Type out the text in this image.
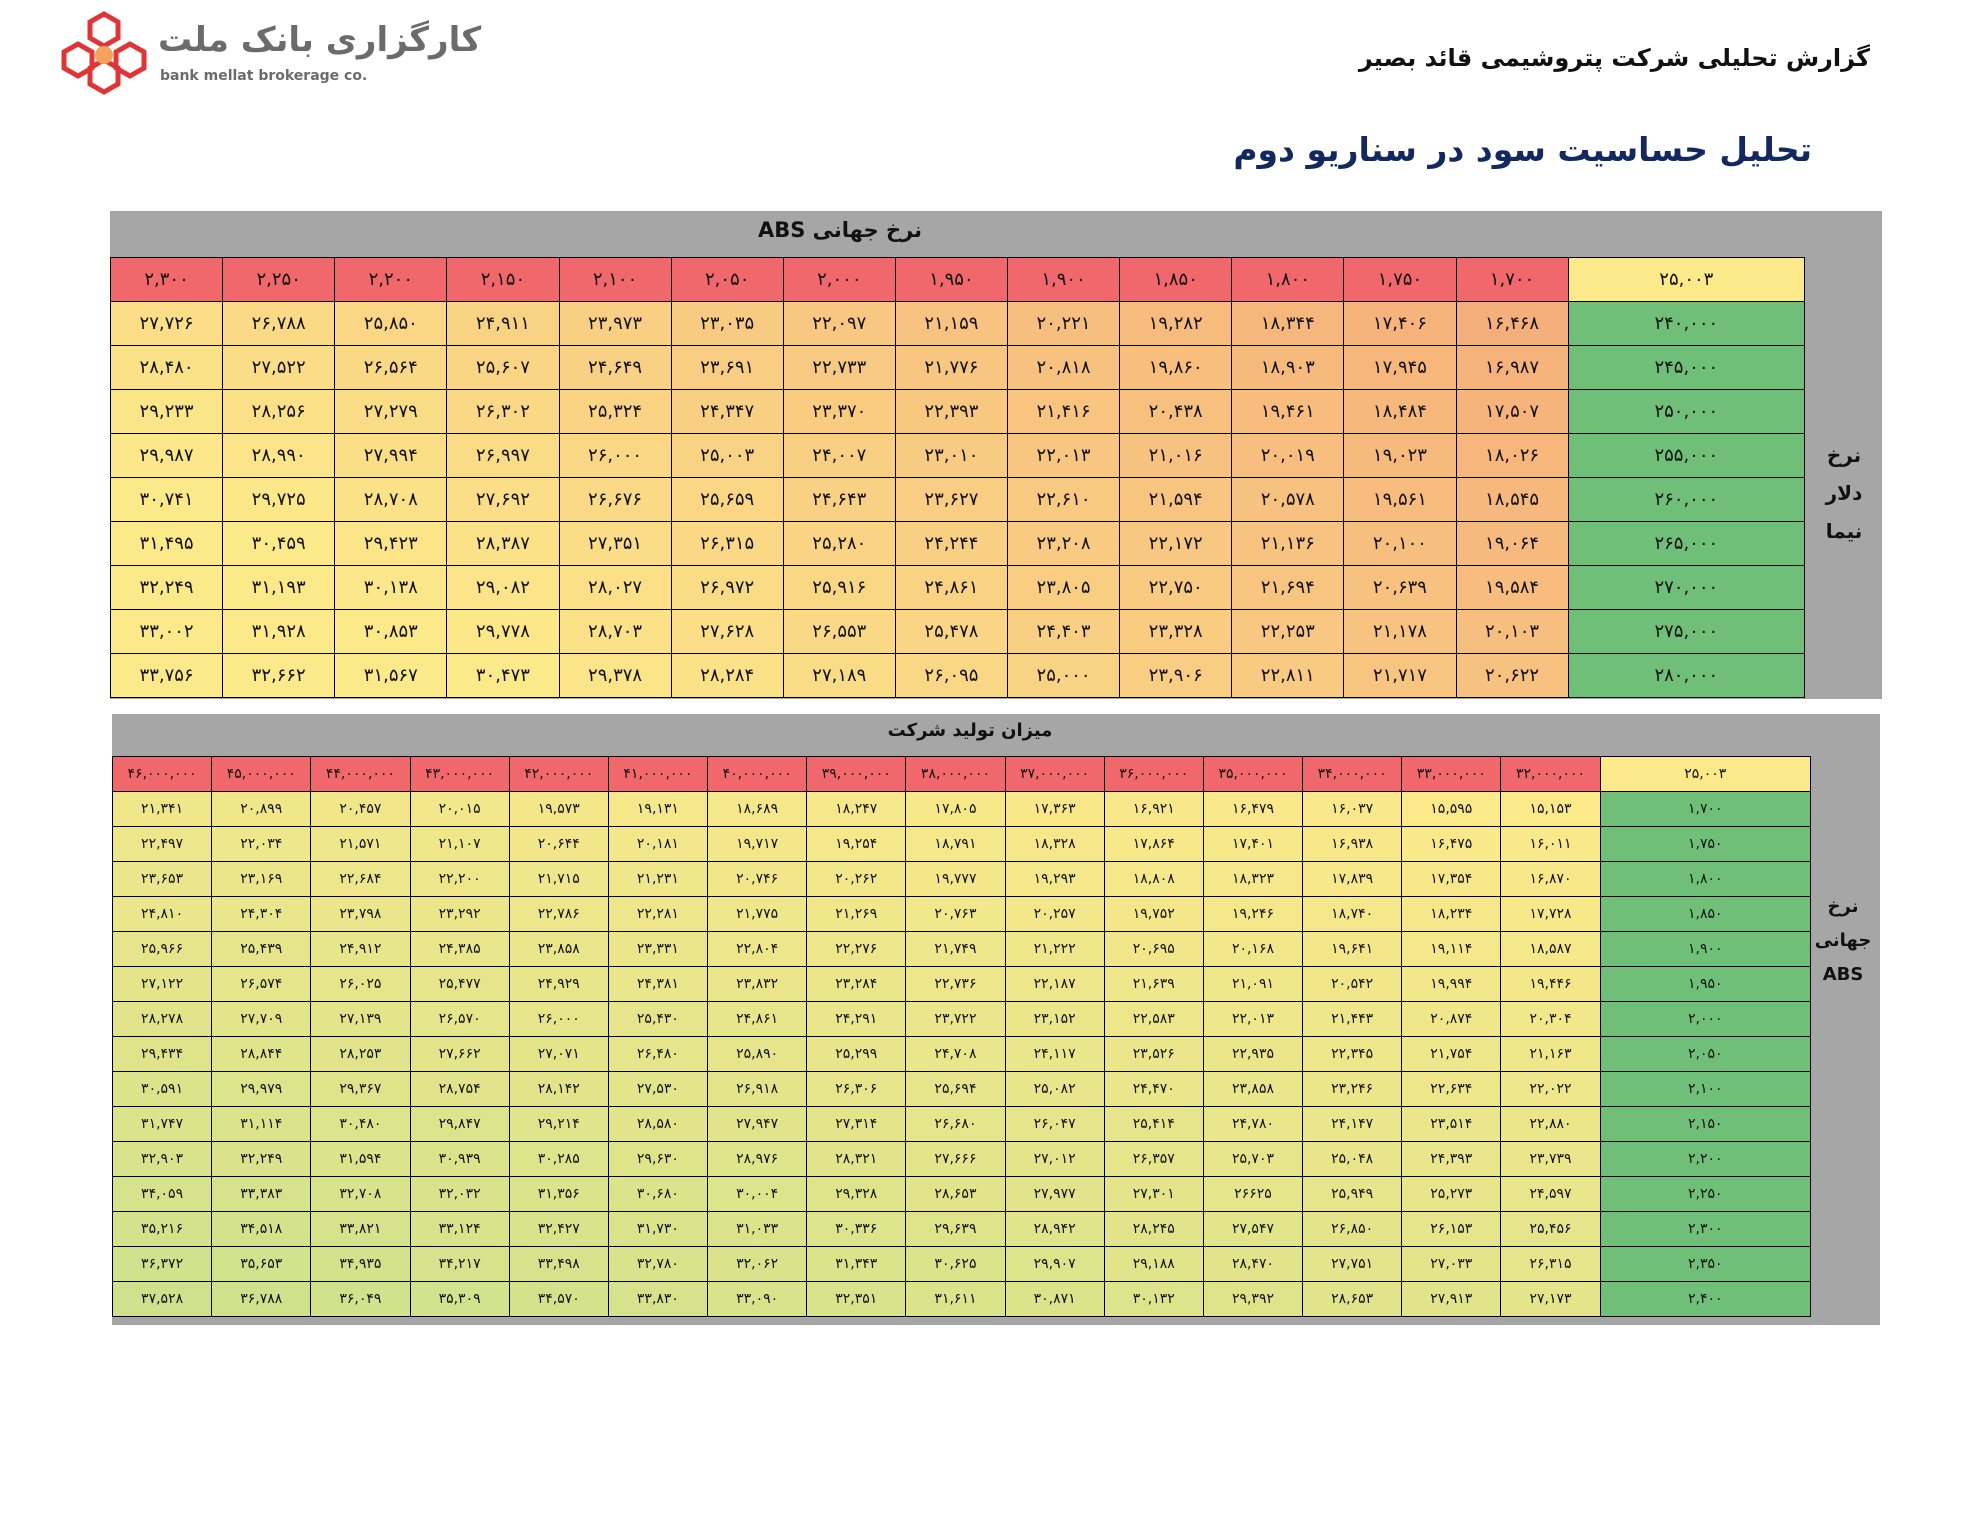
کارگزاری بانک ملت
bank mellat brokerage co.
گزارش تحلیلی شرکت پتروشیمی قائد بصیر
تحلیل حساسیت سود در سناریو دوم
نرخ جهانی ABS
نرخ
دلار
نیما
۲,۳۰۰	۲,۲۵۰	۲,۲۰۰	۲,۱۵۰	۲,۱۰۰	۲,۰۵۰	۲,۰۰۰	۱,۹۵۰	۱,۹۰۰	۱,۸۵۰	۱,۸۰۰	۱,۷۵۰	۱,۷۰۰	۲۵,۰۰۳
۲۷,۷۲۶	۲۶,۷۸۸	۲۵,۸۵۰	۲۴,۹۱۱	۲۳,۹۷۳	۲۳,۰۳۵	۲۲,۰۹۷	۲۱,۱۵۹	۲۰,۲۲۱	۱۹,۲۸۲	۱۸,۳۴۴	۱۷,۴۰۶	۱۶,۴۶۸	۲۴۰,۰۰۰
۲۸,۴۸۰	۲۷,۵۲۲	۲۶,۵۶۴	۲۵,۶۰۷	۲۴,۶۴۹	۲۳,۶۹۱	۲۲,۷۳۳	۲۱,۷۷۶	۲۰,۸۱۸	۱۹,۸۶۰	۱۸,۹۰۳	۱۷,۹۴۵	۱۶,۹۸۷	۲۴۵,۰۰۰
۲۹,۲۳۳	۲۸,۲۵۶	۲۷,۲۷۹	۲۶,۳۰۲	۲۵,۳۲۴	۲۴,۳۴۷	۲۳,۳۷۰	۲۲,۳۹۳	۲۱,۴۱۶	۲۰,۴۳۸	۱۹,۴۶۱	۱۸,۴۸۴	۱۷,۵۰۷	۲۵۰,۰۰۰
۲۹,۹۸۷	۲۸,۹۹۰	۲۷,۹۹۴	۲۶,۹۹۷	۲۶,۰۰۰	۲۵,۰۰۳	۲۴,۰۰۷	۲۳,۰۱۰	۲۲,۰۱۳	۲۱,۰۱۶	۲۰,۰۱۹	۱۹,۰۲۳	۱۸,۰۲۶	۲۵۵,۰۰۰
۳۰,۷۴۱	۲۹,۷۲۵	۲۸,۷۰۸	۲۷,۶۹۲	۲۶,۶۷۶	۲۵,۶۵۹	۲۴,۶۴۳	۲۳,۶۲۷	۲۲,۶۱۰	۲۱,۵۹۴	۲۰,۵۷۸	۱۹,۵۶۱	۱۸,۵۴۵	۲۶۰,۰۰۰
۳۱,۴۹۵	۳۰,۴۵۹	۲۹,۴۲۳	۲۸,۳۸۷	۲۷,۳۵۱	۲۶,۳۱۵	۲۵,۲۸۰	۲۴,۲۴۴	۲۳,۲۰۸	۲۲,۱۷۲	۲۱,۱۳۶	۲۰,۱۰۰	۱۹,۰۶۴	۲۶۵,۰۰۰
۳۲,۲۴۹	۳۱,۱۹۳	۳۰,۱۳۸	۲۹,۰۸۲	۲۸,۰۲۷	۲۶,۹۷۲	۲۵,۹۱۶	۲۴,۸۶۱	۲۳,۸۰۵	۲۲,۷۵۰	۲۱,۶۹۴	۲۰,۶۳۹	۱۹,۵۸۴	۲۷۰,۰۰۰
۳۳,۰۰۲	۳۱,۹۲۸	۳۰,۸۵۳	۲۹,۷۷۸	۲۸,۷۰۳	۲۷,۶۲۸	۲۶,۵۵۳	۲۵,۴۷۸	۲۴,۴۰۳	۲۳,۳۲۸	۲۲,۲۵۳	۲۱,۱۷۸	۲۰,۱۰۳	۲۷۵,۰۰۰
۳۳,۷۵۶	۳۲,۶۶۲	۳۱,۵۶۷	۳۰,۴۷۳	۲۹,۳۷۸	۲۸,۲۸۴	۲۷,۱۸۹	۲۶,۰۹۵	۲۵,۰۰۰	۲۳,۹۰۶	۲۲,۸۱۱	۲۱,۷۱۷	۲۰,۶۲۲	۲۸۰,۰۰۰
میزان تولید شرکت
نرخ
جهانی
ABS
۴۶,۰۰۰,۰۰۰	۴۵,۰۰۰,۰۰۰	۴۴,۰۰۰,۰۰۰	۴۳,۰۰۰,۰۰۰	۴۲,۰۰۰,۰۰۰	۴۱,۰۰۰,۰۰۰	۴۰,۰۰۰,۰۰۰	۳۹,۰۰۰,۰۰۰	۳۸,۰۰۰,۰۰۰	۳۷,۰۰۰,۰۰۰	۳۶,۰۰۰,۰۰۰	۳۵,۰۰۰,۰۰۰	۳۴,۰۰۰,۰۰۰	۳۳,۰۰۰,۰۰۰	۳۲,۰۰۰,۰۰۰	۲۵,۰۰۳
۲۱,۳۴۱	۲۰,۸۹۹	۲۰,۴۵۷	۲۰,۰۱۵	۱۹,۵۷۳	۱۹,۱۳۱	۱۸,۶۸۹	۱۸,۲۴۷	۱۷,۸۰۵	۱۷,۳۶۳	۱۶,۹۲۱	۱۶,۴۷۹	۱۶,۰۳۷	۱۵,۵۹۵	۱۵,۱۵۳	۱,۷۰۰
۲۲,۴۹۷	۲۲,۰۳۴	۲۱,۵۷۱	۲۱,۱۰۷	۲۰,۶۴۴	۲۰,۱۸۱	۱۹,۷۱۷	۱۹,۲۵۴	۱۸,۷۹۱	۱۸,۳۲۸	۱۷,۸۶۴	۱۷,۴۰۱	۱۶,۹۳۸	۱۶,۴۷۵	۱۶,۰۱۱	۱,۷۵۰
۲۳,۶۵۳	۲۳,۱۶۹	۲۲,۶۸۴	۲۲,۲۰۰	۲۱,۷۱۵	۲۱,۲۳۱	۲۰,۷۴۶	۲۰,۲۶۲	۱۹,۷۷۷	۱۹,۲۹۳	۱۸,۸۰۸	۱۸,۳۲۳	۱۷,۸۳۹	۱۷,۳۵۴	۱۶,۸۷۰	۱,۸۰۰
۲۴,۸۱۰	۲۴,۳۰۴	۲۳,۷۹۸	۲۳,۲۹۲	۲۲,۷۸۶	۲۲,۲۸۱	۲۱,۷۷۵	۲۱,۲۶۹	۲۰,۷۶۳	۲۰,۲۵۷	۱۹,۷۵۲	۱۹,۲۴۶	۱۸,۷۴۰	۱۸,۲۳۴	۱۷,۷۲۸	۱,۸۵۰
۲۵,۹۶۶	۲۵,۴۳۹	۲۴,۹۱۲	۲۴,۳۸۵	۲۳,۸۵۸	۲۳,۳۳۱	۲۲,۸۰۴	۲۲,۲۷۶	۲۱,۷۴۹	۲۱,۲۲۲	۲۰,۶۹۵	۲۰,۱۶۸	۱۹,۶۴۱	۱۹,۱۱۴	۱۸,۵۸۷	۱,۹۰۰
۲۷,۱۲۲	۲۶,۵۷۴	۲۶,۰۲۵	۲۵,۴۷۷	۲۴,۹۲۹	۲۴,۳۸۱	۲۳,۸۳۲	۲۳,۲۸۴	۲۲,۷۳۶	۲۲,۱۸۷	۲۱,۶۳۹	۲۱,۰۹۱	۲۰,۵۴۲	۱۹,۹۹۴	۱۹,۴۴۶	۱,۹۵۰
۲۸,۲۷۸	۲۷,۷۰۹	۲۷,۱۳۹	۲۶,۵۷۰	۲۶,۰۰۰	۲۵,۴۳۰	۲۴,۸۶۱	۲۴,۲۹۱	۲۳,۷۲۲	۲۳,۱۵۲	۲۲,۵۸۳	۲۲,۰۱۳	۲۱,۴۴۳	۲۰,۸۷۴	۲۰,۳۰۴	۲,۰۰۰
۲۹,۴۳۴	۲۸,۸۴۴	۲۸,۲۵۳	۲۷,۶۶۲	۲۷,۰۷۱	۲۶,۴۸۰	۲۵,۸۹۰	۲۵,۲۹۹	۲۴,۷۰۸	۲۴,۱۱۷	۲۳,۵۲۶	۲۲,۹۳۵	۲۲,۳۴۵	۲۱,۷۵۴	۲۱,۱۶۳	۲,۰۵۰
۳۰,۵۹۱	۲۹,۹۷۹	۲۹,۳۶۷	۲۸,۷۵۴	۲۸,۱۴۲	۲۷,۵۳۰	۲۶,۹۱۸	۲۶,۳۰۶	۲۵,۶۹۴	۲۵,۰۸۲	۲۴,۴۷۰	۲۳,۸۵۸	۲۳,۲۴۶	۲۲,۶۳۴	۲۲,۰۲۲	۲,۱۰۰
۳۱,۷۴۷	۳۱,۱۱۴	۳۰,۴۸۰	۲۹,۸۴۷	۲۹,۲۱۴	۲۸,۵۸۰	۲۷,۹۴۷	۲۷,۳۱۴	۲۶,۶۸۰	۲۶,۰۴۷	۲۵,۴۱۴	۲۴,۷۸۰	۲۴,۱۴۷	۲۳,۵۱۴	۲۲,۸۸۰	۲,۱۵۰
۳۲,۹۰۳	۳۲,۲۴۹	۳۱,۵۹۴	۳۰,۹۳۹	۳۰,۲۸۵	۲۹,۶۳۰	۲۸,۹۷۶	۲۸,۳۲۱	۲۷,۶۶۶	۲۷,۰۱۲	۲۶,۳۵۷	۲۵,۷۰۳	۲۵,۰۴۸	۲۴,۳۹۳	۲۳,۷۳۹	۲,۲۰۰
۳۴,۰۵۹	۳۳,۳۸۳	۳۲,۷۰۸	۳۲,۰۳۲	۳۱,۳۵۶	۳۰,۶۸۰	۳۰,۰۰۴	۲۹,۳۲۸	۲۸,۶۵۳	۲۷,۹۷۷	۲۷,۳۰۱	۲۶۶۲۵	۲۵,۹۴۹	۲۵,۲۷۳	۲۴,۵۹۷	۲,۲۵۰
۳۵,۲۱۶	۳۴,۵۱۸	۳۳,۸۲۱	۳۳,۱۲۴	۳۲,۴۲۷	۳۱,۷۳۰	۳۱,۰۳۳	۳۰,۳۳۶	۲۹,۶۳۹	۲۸,۹۴۲	۲۸,۲۴۵	۲۷,۵۴۷	۲۶,۸۵۰	۲۶,۱۵۳	۲۵,۴۵۶	۲,۳۰۰
۳۶,۳۷۲	۳۵,۶۵۳	۳۴,۹۳۵	۳۴,۲۱۷	۳۳,۴۹۸	۳۲,۷۸۰	۳۲,۰۶۲	۳۱,۳۴۳	۳۰,۶۲۵	۲۹,۹۰۷	۲۹,۱۸۸	۲۸,۴۷۰	۲۷,۷۵۱	۲۷,۰۳۳	۲۶,۳۱۵	۲,۳۵۰
۳۷,۵۲۸	۳۶,۷۸۸	۳۶,۰۴۹	۳۵,۳۰۹	۳۴,۵۷۰	۳۳,۸۳۰	۳۳,۰۹۰	۳۲,۳۵۱	۳۱,۶۱۱	۳۰,۸۷۱	۳۰,۱۳۲	۲۹,۳۹۲	۲۸,۶۵۳	۲۷,۹۱۳	۲۷,۱۷۳	۲,۴۰۰
